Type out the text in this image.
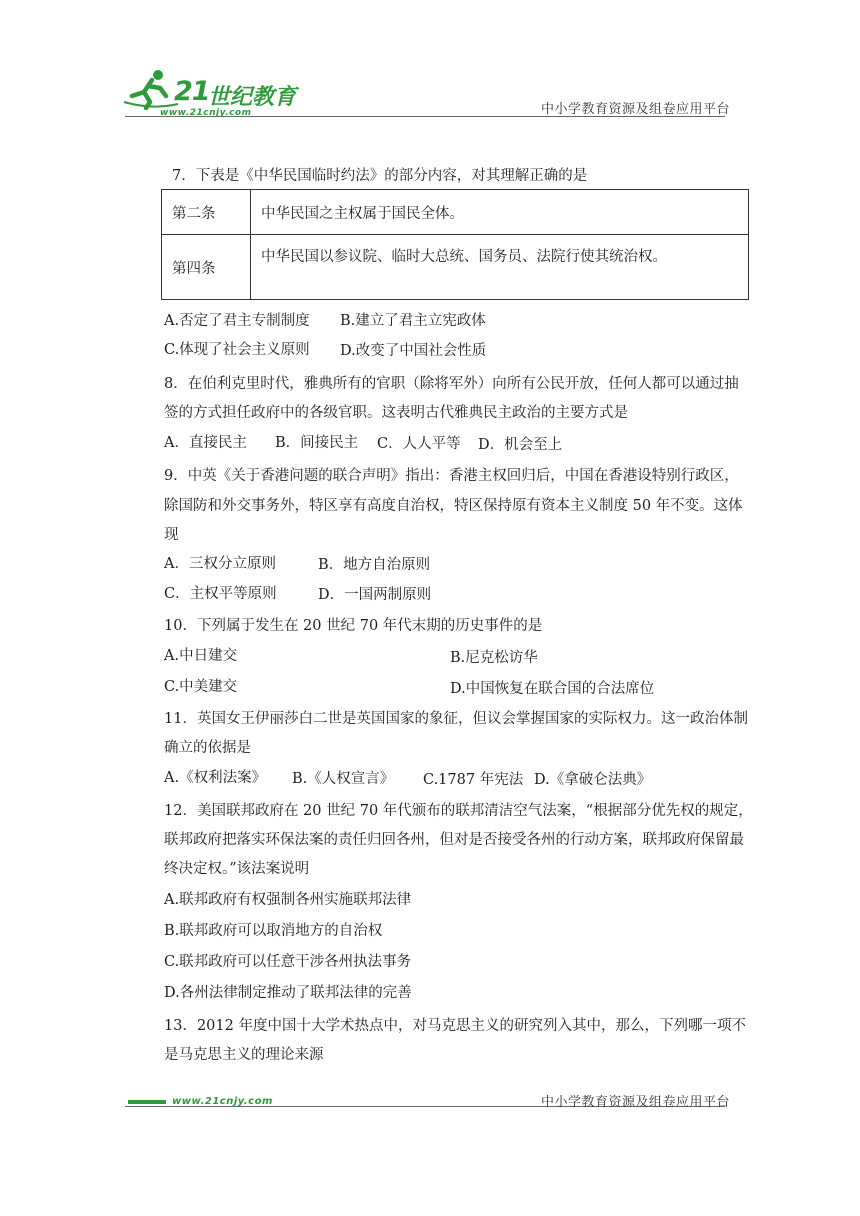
21
世纪教育
www.21cnjy.com	中小学教育资源及组卷应用平台
7．下表是《中华民国临时约法》的部分内容，对其理解正确的是
第二条	中华民国之主权属于国民全体。
第四条	中华民国以参议院、临时大总统、国务员、法院行使其统治权。
A.否定了君主专制制度 B.建立了君主立宪政体
C.体现了社会主义原则 D.改变了中国社会性质
8．在伯利克里时代，雅典所有的官职（除将军外）向所有公民开放，任何人都可以通过抽
签的方式担任政府中的各级官职。这表明古代雅典民主政治的主要方式是
A．直接民主 B．间接民主 C．人人平等 D．机会至上
9．中英《关于香港问题的联合声明》指出：香港主权回归后，中国在香港设特别行政区，
除国防和外交事务外，特区享有高度自治权，特区保持原有资本主义制度 50 年不变。这体
现
A．三权分立原则	B．地方自治原则
C．主权平等原则	D．一国两制原则
10．下列属于发生在 20 世纪 70 年代末期的历史事件的是
A.中日建交	B.尼克松访华
C.中美建交	D.中国恢复在联合国的合法席位
11．英国女王伊丽莎白二世是英国国家的象征，但议会掌握国家的实际权力。这一政治体制
确立的依据是
A.《权利法案》 B.《人权宣言》 C.1787 年宪法 D.《拿破仑法典》
12．美国联邦政府在 20 世纪 70 年代颁布的联邦清洁空气法案，“根据部分优先权的规定，
联邦政府把落实环保法案的责任归回各州，但对是否接受各州的行动方案，联邦政府保留最
终决定权。”该法案说明
A.联邦政府有权强制各州实施联邦法律
B.联邦政府可以取消地方的自治权
C.联邦政府可以任意干涉各州执法事务
D.各州法律制定推动了联邦法律的完善
13．2012 年度中国十大学术热点中，对马克思主义的研究列入其中，那么，下列哪一项不
是马克思主义的理论来源
www.21cnjy.com	中小学教育资源及组卷应用平台
